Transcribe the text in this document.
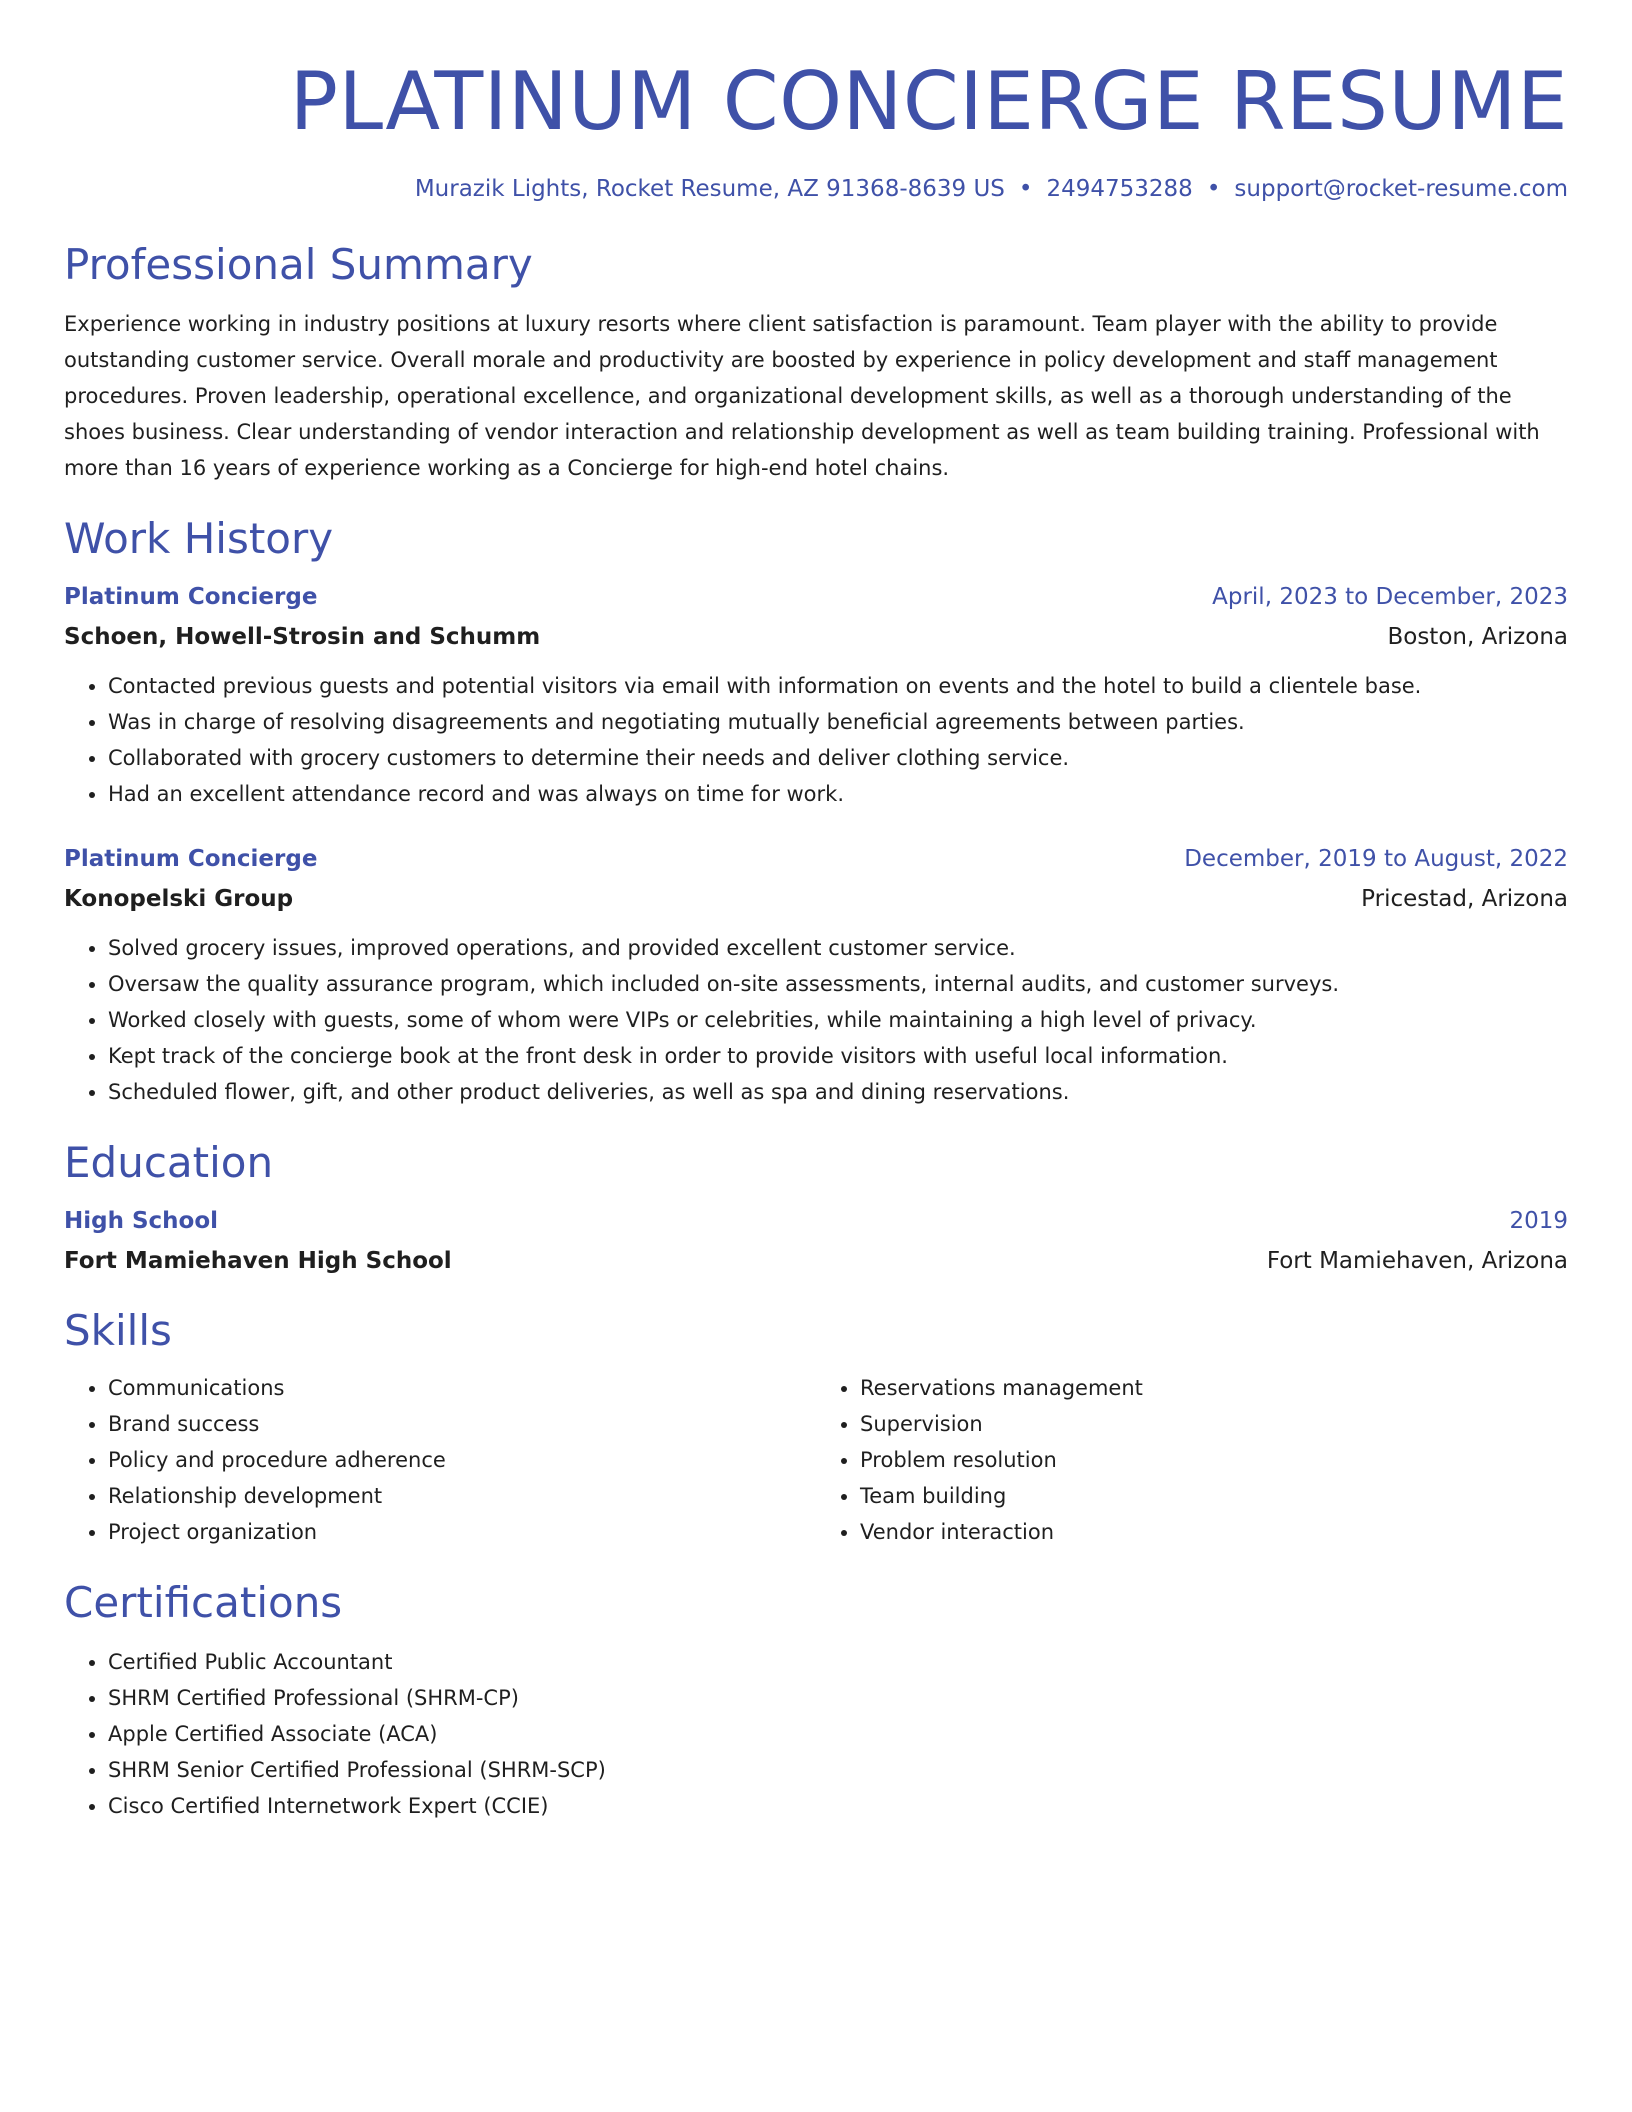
PLATINUM CONCIERGE RESUME
Murazik Lights, Rocket Resume, AZ 91368-8639 US • 2494753288 • support@rocket-resume.com
Professional Summary

Experience working in industry positions at luxury resorts where client satisfaction is paramount. Team player with the ability to provide outstanding customer service. Overall morale and productivity are boosted by experience in policy development and staff management procedures. Proven leadership, operational excellence, and organizational development skills, as well as a thorough understanding of the shoes business. Clear understanding of vendor interaction and relationship development as well as team building training. Professional with more than 16 years of experience working as a Concierge for high-end hotel chains.

Work History
Platinum Concierge	April, 2023 to December, 2023
Schoen, Howell-Strosin and Schumm	Boston, Arizona
• Contacted previous guests and potential visitors via email with information on events and the hotel to build a clientele base.
• Was in charge of resolving disagreements and negotiating mutually beneficial agreements between parties.
• Collaborated with grocery customers to determine their needs and deliver clothing service.
• Had an excellent attendance record and was always on time for work.
Platinum Concierge	December, 2019 to August, 2022
Konopelski Group	Pricestad, Arizona
• Solved grocery issues, improved operations, and provided excellent customer service.
• Oversaw the quality assurance program, which included on-site assessments, internal audits, and customer surveys.
• Worked closely with guests, some of whom were VIPs or celebrities, while maintaining a high level of privacy.
• Kept track of the concierge book at the front desk in order to provide visitors with useful local information.
• Scheduled flower, gift, and other product deliveries, as well as spa and dining reservations.
Education
High School	2019
Fort Mamiehaven High School	Fort Mamiehaven, Arizona
Skills
• Communications
• Brand success
• Policy and procedure adherence
• Relationship development
• Project organization
• Reservations management
• Supervision
• Problem resolution
• Team building
• Vendor interaction
Certifications
• Certified Public Accountant
• SHRM Certified Professional (SHRM-CP)
• Apple Certified Associate (ACA)
• SHRM Senior Certified Professional (SHRM-SCP)
• Cisco Certified Internetwork Expert (CCIE)
